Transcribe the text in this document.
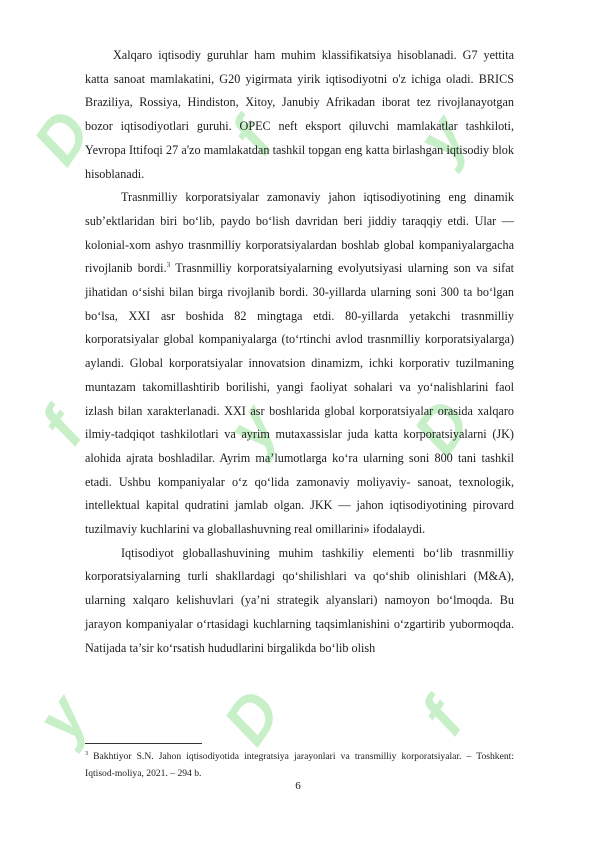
D f y
f y D
y D f

Xalqaro iqtisodiy guruhlar ham muhim klassifikatsiya hisoblanadi. G7 yettita katta sanoat mamlakatini, G20 yigirmata yirik iqtisodiyotni o'z ichiga oladi. BRICS Braziliya, Rossiya, Hindiston, Xitoy, Janubiy Afrikadan iborat tez rivojlanayotgan bozor iqtisodiyotlari guruhi. OPEC neft eksport qiluvchi mamlakatlar tashkiloti, Yevropa Ittifoqi 27 a'zo mamlakatdan tashkil topgan eng katta birlashgan iqtisodiy blok hisoblanadi.

Trasnmilliy korporatsiyalar zamonaviy jahon iqtisodiyotining eng dinamik sub’ektlaridan biri bo‘lib, paydo bo‘lish davridan beri jiddiy taraqqiy etdi. Ular — kolonial-xom ashyo trasnmilliy korporatsiyalardan boshlab global kompaniyalargacha rivojlanib bordi.$^3$ Trasnmilliy korporatsiyalarning evolyutsiyasi ularning son va sifat jihatidan o‘sishi bilan birga rivojlanib bordi. 30-yillarda ularning soni 300 ta bo‘lgan bo‘lsa, XXI asr boshida 82 mingtaga etdi. 80-yillarda yetakchi trasnmilliy korporatsiyalar global kompaniyalarga (to‘rtinchi avlod trasnmilliy korporatsiyalarga) aylandi. Global korporatsiyalar innovatsion dinamizm, ichki korporativ tuzilmaning muntazam takomillashtirib borilishi, yangi faoliyat sohalari va yo‘nalishlarini faol izlash bilan xarakterlanadi. XXI asr boshlarida global korporatsiyalar orasida xalqaro ilmiy-tadqiqot tashkilotlari va ayrim mutaxassislar juda katta korporatsiyalarni (JK) alohida ajrata boshladilar. Ayrim ma’lumotlarga ko‘ra ularning soni 800 tani tashkil etadi. Ushbu kompaniyalar o‘z qo‘lida zamonaviy moliyaviy- sanoat, texnologik, intellektual kapital qudratini jamlab olgan. JKK — jahon iqtisodiyotining pirovard tuzilmaviy kuchlarini va globallashuvning real omillarini» ifodalaydi.

Iqtisodiyot globallashuvining muhim tashkiliy elementi bo‘lib trasnmilliy korporatsiyalarning turli shakllardagi qo‘shilishlari va qo‘shib olinishlari (M&A), ularning xalqaro kelishuvlari (ya’ni strategik alyanslari) namoyon bo‘lmoqda. Bu jarayon kompaniyalar o‘rtasidagi kuchlarning taqsimlanishini o‘zgartirib yubormoqda. Natijada ta’sir ko‘rsatish hududlarini birgalikda bo‘lib olish

$^3$ Bakhtiyor S.N. Jahon iqtisodiyotida integratsiya jarayonlari va transmilliy korporatsiyalar. – Toshkent: Iqtisod-moliya, 2021. – 294 b.
6
